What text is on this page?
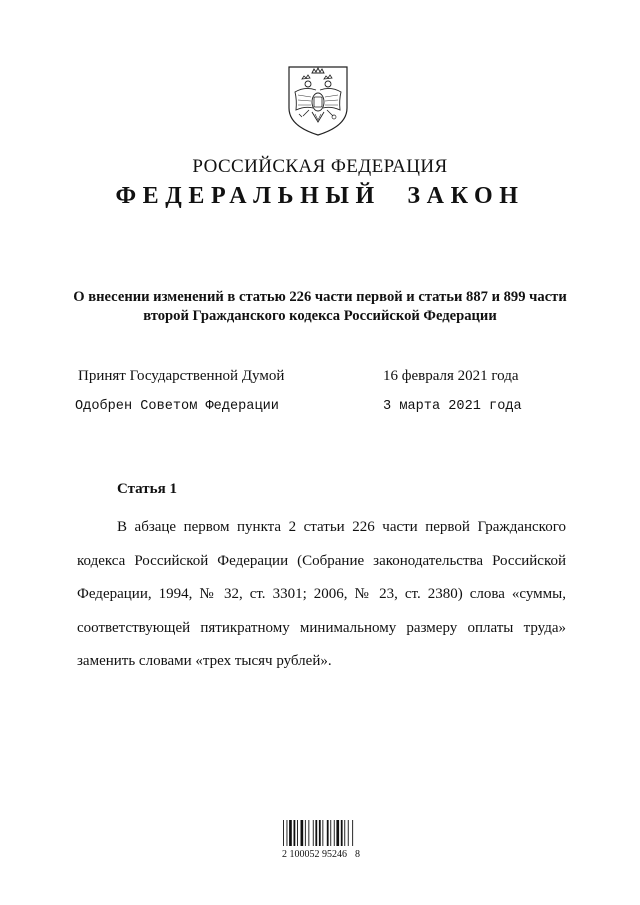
РОССИЙСКАЯ ФЕДЕРАЦИЯ
ФЕДЕРАЛЬНЫЙ ЗАКОН
О внесении изменений в статью 226 части первой и статьи 887 и 899 части второй Гражданского кодекса Российской Федерации
Принят Государственной Думой	16 февраля 2021 года
Одобрен Советом Федерации	3 марта 2021 года
Статья 1

В абзаце первом пункта 2 статьи 226 части первой Гражданского кодекса Российской Федерации (Собрание законодательства Российской Федерации, 1994, № 32, ст. 3301; 2006, № 23, ст. 2380) слова «суммы, соответствующей пятикратному минимальному размеру оплаты труда» заменить словами «трех тысяч рублей».

2 100052 95246 8
